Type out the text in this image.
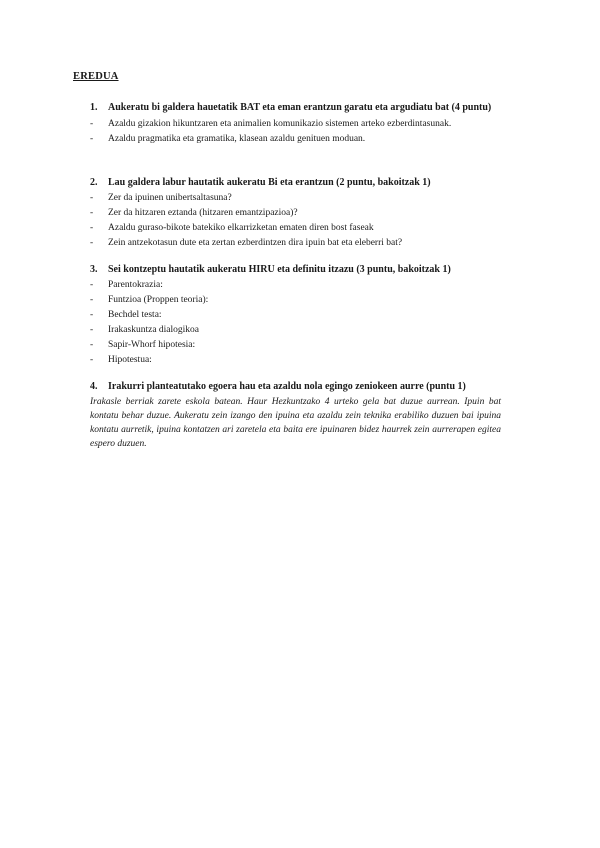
EREDUA
1.	Aukeratu bi galdera hauetatik BAT eta eman erantzun garatu eta argudiatu bat (4 puntu)
-	Azaldu gizakion hikuntzaren eta animalien komunikazio sistemen arteko ezberdintasunak.
-	Azaldu pragmatika eta gramatika, klasean azaldu genituen moduan.
2.	Lau galdera labur hautatik aukeratu Bi eta erantzun (2 puntu, bakoitzak 1)
-	Zer da ipuinen unibertsaltasuna?
-	Zer da hitzaren eztanda (hitzaren emantzipazioa)?
-	Azaldu guraso-bikote batekiko elkarrizketan ematen diren bost faseak
-	Zein antzekotasun dute eta zertan ezberdintzen dira ipuin bat eta eleberri bat?
3.	Sei kontzeptu hautatik aukeratu HIRU eta definitu itzazu (3 puntu, bakoitzak 1)
-	Parentokrazia:
-	Funtzioa (Proppen teoria):
-	Bechdel testa:
-	Irakaskuntza dialogikoa
-	Sapir-Whorf hipotesia:
-	Hipotestua:
4.	Irakurri planteatutako egoera hau eta azaldu nola egingo zeniokeen aurre (puntu 1)
Irakasle berriak zarete eskola batean. Haur Hezkuntzako 4 urteko gela bat duzue aurrean. Ipuin bat kontatu behar duzue. Aukeratu zein izango den ipuina eta azaldu zein teknika erabiliko duzuen bai ipuina kontatu aurretik, ipuina kontatzen ari zaretela eta baita ere ipuinaren bidez haurrek zein aurrerapen egitea espero duzuen.
